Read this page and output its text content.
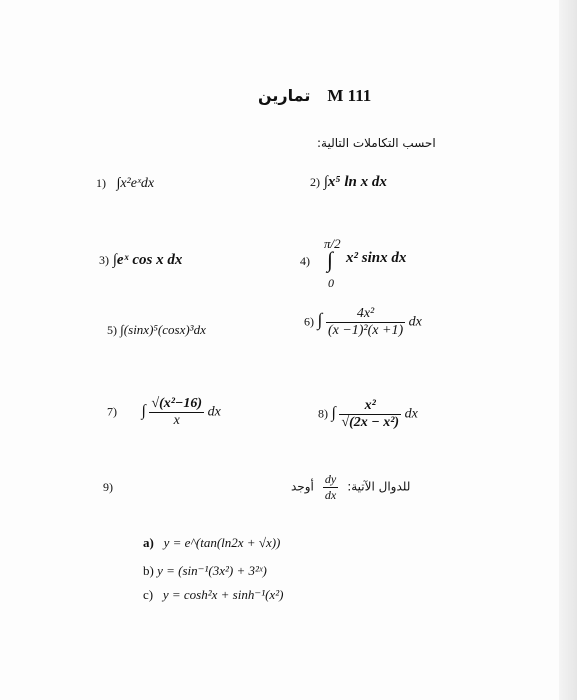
تمارين M 111
احسب التكاملات التالية:
1) ∫x²eˣdx	2) ∫x⁵ ln x dx
3) ∫eˣ cos x dx	4)
π/2
∫
0
x² sinx dx
5) ∫(sinx)⁵(cosx)³dx
6) ∫ $\frac{\text{4x²}}{\text{(x −1)²(x +1)}}$ dx
7) ∫ $\frac{\text{√(x²−16)}}{x}$ dx	8) ∫ $\frac{\text{x²}}{\text{√(2x − x²)}}$ dx
9)	للدوال الآتية:
$\frac{dy}{dx}$
أوجد
a) y = e^(tan(ln2x + √x))
b) y = (sin⁻¹(3x²) + 3²ˣ)
c) y = cosh²x + sinh⁻¹(x²)
